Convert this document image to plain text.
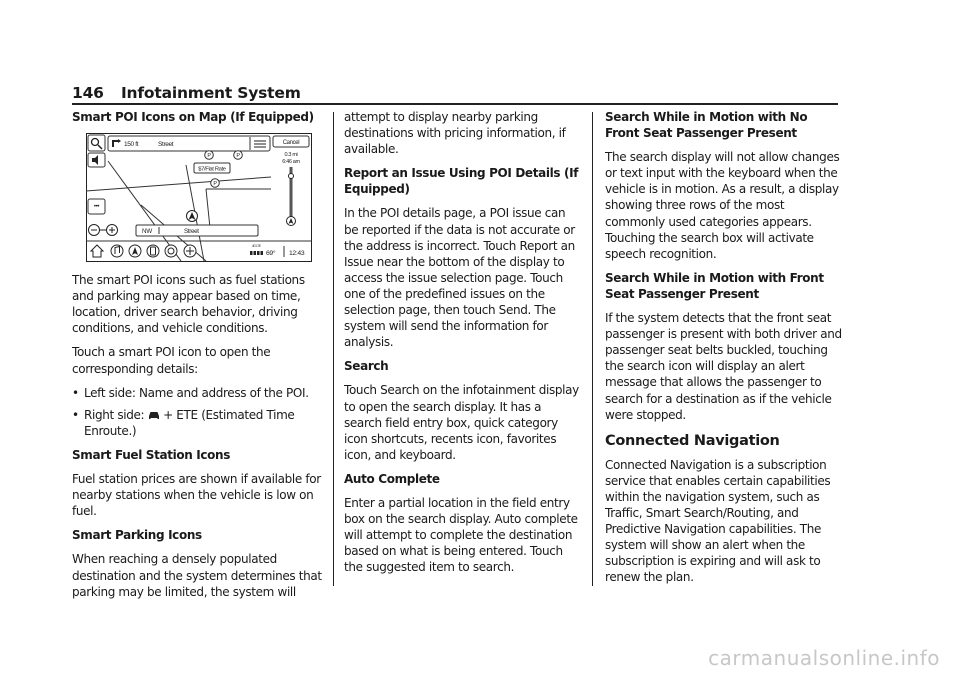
146 Infotainment System
Smart POI Icons on Map (If Equipped)
150 ft	Street	Cancel
0.3 mi
6:46 am
P	P
$7/Flat Rate
P
•••
NW	Street
4G LTE
69° 12:43

The smart POI icons such as fuel stations and parking may appear based on time, location, driver search behavior, driving conditions, and vehicle conditions.

Touch a smart POI icon to open the corresponding details:

• Left side: Name and address of the POI.
• Right side:  + ETE (Estimated Time Enroute.)
Smart Fuel Station Icons

Fuel station prices are shown if available for nearby stations when the vehicle is low on fuel.

Smart Parking Icons

When reaching a densely populated destination and the system determines that parking may be limited, the system will

attempt to display nearby parking destinations with pricing information, if available.

Report an Issue Using POI Details (If Equipped)

In the POI details page, a POI issue can be reported if the data is not accurate or the address is incorrect. Touch Report an Issue near the bottom of the display to access the issue selection page. Touch one of the predefined issues on the selection page, then touch Send. The system will send the information for analysis.

Search

Touch Search on the infotainment display to open the search display. It has a search field entry box, quick category icon shortcuts, recents icon, favorites icon, and keyboard.

Auto Complete

Enter a partial location in the field entry box on the search display. Auto complete will attempt to complete the destination based on what is being entered. Touch the suggested item to search.

Search While in Motion with No Front Seat Passenger Present

The search display will not allow changes or text input with the keyboard when the vehicle is in motion. As a result, a display showing three rows of the most commonly used categories appears. Touching the search box will activate speech recognition.

Search While in Motion with Front Seat Passenger Present

If the system detects that the front seat passenger is present with both driver and passenger seat belts buckled, touching the search icon will display an alert message that allows the passenger to search for a destination as if the vehicle were stopped.

Connected Navigation

Connected Navigation is a subscription service that enables certain capabilities within the navigation system, such as Traffic, Smart Search/Routing, and Predictive Navigation capabilities. The system will show an alert when the subscription is expiring and will ask to renew the plan.

carmanualsonline.info
